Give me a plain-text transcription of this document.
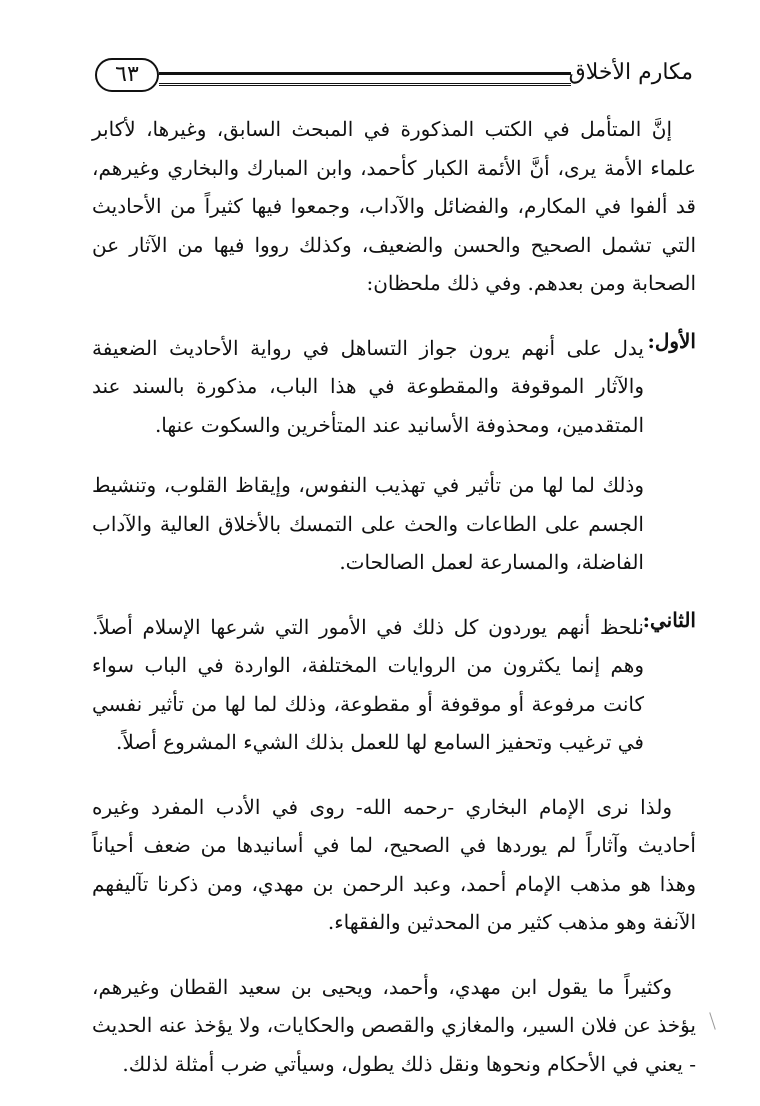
٦٣	مكارم الأخلاق

إنَّ المتأمل في الكتب المذكورة في المبحث السابق، وغيرها، لأكابر علماء الأمة يرى، أنَّ الأئمة الكبار كأحمد، وابن المبارك والبخاري وغيرهم، قد ألفوا في المكارم، والفضائل والآداب، وجمعوا فيها كثيراً من الأحاديث التي تشمل الصحيح والحسن والضعيف، وكذلك رووا فيها من الآثار عن الصحابة ومن بعدهم. وفي ذلك ملحظان:

الأول:

يدل على أنهم يرون جواز التساهل في رواية الأحاديث الضعيفة والآثار الموقوفة والمقطوعة في هذا الباب، مذكورة بالسند عند المتقدمين، ومحذوفة الأسانيد عند المتأخرين والسكوت عنها.

وذلك لما لها من تأثير في تهذيب النفوس، وإيقاظ القلوب، وتنشيط الجسم على الطاعات والحث على التمسك بالأخلاق العالية والآداب الفاضلة، والمسارعة لعمل الصالحات.

الثاني:

نلحظ أنهم يوردون كل ذلك في الأمور التي شرعها الإسلام أصلاً. وهم إنما يكثرون من الروايات المختلفة، الواردة في الباب سواء كانت مرفوعة أو موقوفة أو مقطوعة، وذلك لما لها من تأثير نفسي في ترغيب وتحفيز السامع لها للعمل بذلك الشيء المشروع أصلاً.

ولذا نرى الإمام البخاري -رحمه الله- روى في الأدب المفرد وغيره أحاديث وآثاراً لم يوردها في الصحيح، لما في أسانيدها من ضعف أحياناً وهذا هو مذهب الإمام أحمد، وعبد الرحمن بن مهدي، ومن ذكرنا تآليفهم الآنفة وهو مذهب كثير من المحدثين والفقهاء.

وكثيراً ما يقول ابن مهدي، وأحمد، ويحيى بن سعيد القطان وغيرهم، يؤخذ عن فلان السير، والمغازي والقصص والحكايات، ولا يؤخذ عنه الحديث - يعني في الأحكام ونحوها ونقل ذلك يطول، وسيأتي ضرب أمثلة لذلك.
